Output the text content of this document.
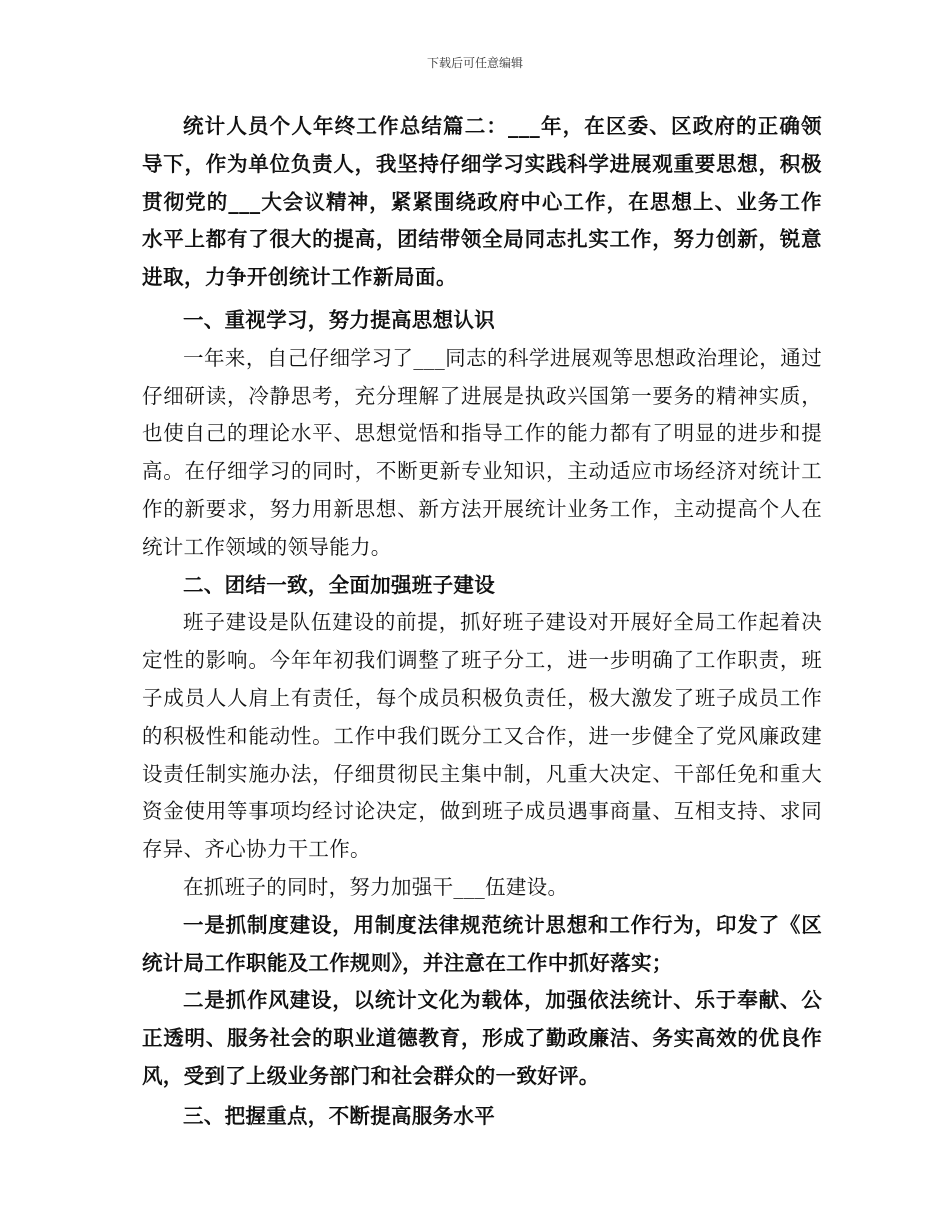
下载后可任意编辑

统计人员个人年终工作总结篇二：___年，在区委、区政府的正确领导下，作为单位负责人，我坚持仔细学习实践科学进展观重要思想，积极贯彻党的___大会议精神，紧紧围绕政府中心工作，在思想上、业务工作水平上都有了很大的提高，团结带领全局同志扎实工作，努力创新，锐意进取，力争开创统计工作新局面。

一、重视学习，努力提高思想认识

一年来，自己仔细学习了___同志的科学进展观等思想政治理论，通过仔细研读，冷静思考，充分理解了进展是执政兴国第一要务的精神实质，也使自己的理论水平、思想觉悟和指导工作的能力都有了明显的进步和提高。在仔细学习的同时，不断更新专业知识，主动适应市场经济对统计工作的新要求，努力用新思想、新方法开展统计业务工作，主动提高个人在统计工作领域的领导能力。

二、团结一致，全面加强班子建设

班子建设是队伍建设的前提，抓好班子建设对开展好全局工作起着决定性的影响。今年年初我们调整了班子分工，进一步明确了工作职责，班子成员人人肩上有责任，每个成员积极负责任，极大激发了班子成员工作的积极性和能动性。工作中我们既分工又合作，进一步健全了党风廉政建设责任制实施办法，仔细贯彻民主集中制，凡重大决定、干部任免和重大资金使用等事项均经讨论决定，做到班子成员遇事商量、互相支持、求同存异、齐心协力干工作。

在抓班子的同时，努力加强干___伍建设。

一是抓制度建设，用制度法律规范统计思想和工作行为，印发了《区统计局工作职能及工作规则》，并注意在工作中抓好落实；

二是抓作风建设，以统计文化为载体，加强依法统计、乐于奉献、公正透明、服务社会的职业道德教育，形成了勤政廉洁、务实高效的优良作风，受到了上级业务部门和社会群众的一致好评。

三、把握重点，不断提高服务水平
